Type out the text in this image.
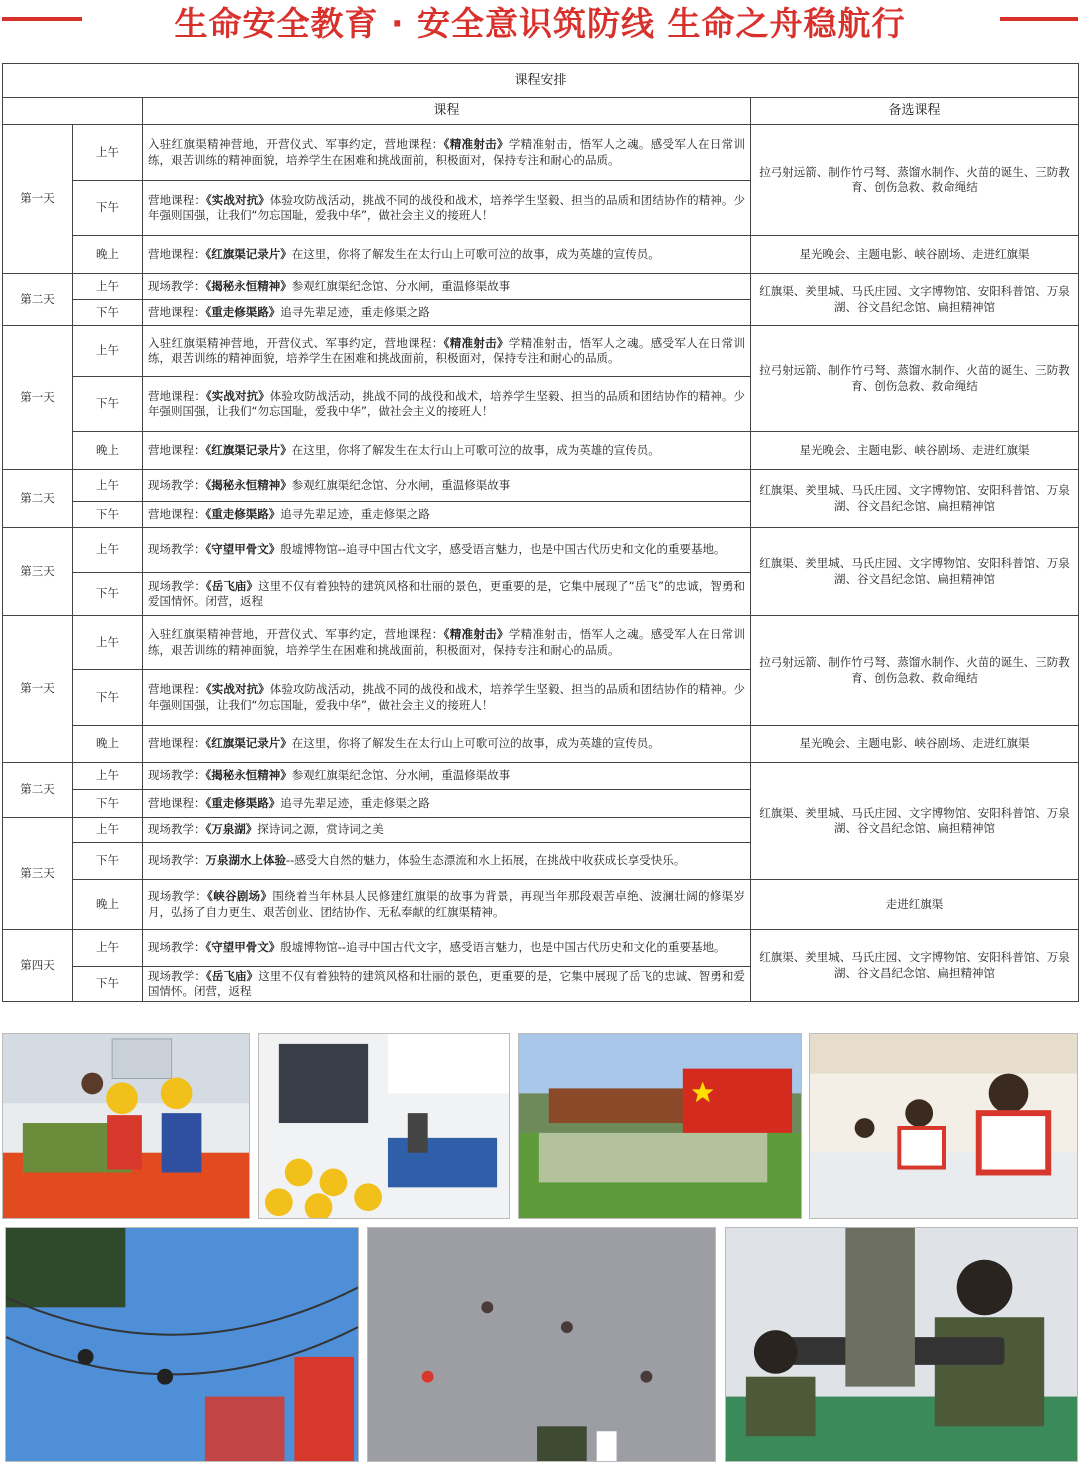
生命安全教育 · 安全意识筑防线 生命之舟稳航行
课程安排			
		课程	备选课程
第一天	上午	入驻红旗渠精神营地，开营仪式、军事约定，营地课程：《精准射击》学精准射击，悟军人之魂。感受军人在日常训练，艰苦训练的精神面貌，培养学生在困难和挑战面前，积极面对，保持专注和耐心的品质。	拉弓射远箭、制作竹弓弩、蒸馏水制作、火苗的诞生、三防教育、创伤急救、救命绳结
	下午	营地课程：《实战对抗》体验攻防战活动，挑战不同的战役和战术，培养学生坚毅、担当的品质和团结协作的精神。少年强则国强，让我们“勿忘国耻，爱我中华”，做社会主义的接班人！	
	晚上	营地课程：《红旗渠记录片》在这里，你将了解发生在太行山上可歌可泣的故事，成为英雄的宣传员。	星光晚会、主题电影、峡谷剧场、走进红旗渠
第二天	上午	现场教学：《揭秘永恒精神》参观红旗渠纪念馆、分水闸，重温修渠故事	红旗渠、羑里城、马氏庄园、文字博物馆、安阳科普馆、万泉湖、谷文昌纪念馆、扁担精神馆
	下午	营地课程：《重走修渠路》追寻先辈足迹，重走修渠之路	
第一天	上午	入驻红旗渠精神营地，开营仪式、军事约定，营地课程：《精准射击》学精准射击，悟军人之魂。感受军人在日常训练，艰苦训练的精神面貌，培养学生在困难和挑战面前，积极面对，保持专注和耐心的品质。	拉弓射远箭、制作竹弓弩、蒸馏水制作、火苗的诞生、三防教育、创伤急救、救命绳结
	下午	营地课程：《实战对抗》体验攻防战活动，挑战不同的战役和战术，培养学生坚毅、担当的品质和团结协作的精神。少年强则国强，让我们“勿忘国耻，爱我中华”，做社会主义的接班人！	
	晚上	营地课程：《红旗渠记录片》在这里，你将了解发生在太行山上可歌可泣的故事，成为英雄的宣传员。	星光晚会、主题电影、峡谷剧场、走进红旗渠
第二天	上午	现场教学：《揭秘永恒精神》参观红旗渠纪念馆、分水闸，重温修渠故事	红旗渠、羑里城、马氏庄园、文字博物馆、安阳科普馆、万泉湖、谷文昌纪念馆、扁担精神馆
	下午	营地课程：《重走修渠路》追寻先辈足迹，重走修渠之路	
第三天	上午	现场教学：《守望甲骨文》殷墟博物馆--追寻中国古代文字，感受语言魅力，也是中国古代历史和文化的重要基地。	红旗渠、羑里城、马氏庄园、文字博物馆、安阳科普馆、万泉湖、谷文昌纪念馆、扁担精神馆
	下午	现场教学：《岳飞庙》这里不仅有着独特的建筑风格和壮丽的景色，更重要的是，它集中展现了“岳飞”的忠诚，智勇和爱国情怀。闭营，返程	
第一天	上午	入驻红旗渠精神营地，开营仪式、军事约定，营地课程：《精准射击》学精准射击，悟军人之魂。感受军人在日常训练，艰苦训练的精神面貌，培养学生在困难和挑战面前，积极面对，保持专注和耐心的品质。	拉弓射远箭、制作竹弓弩、蒸馏水制作、火苗的诞生、三防教育、创伤急救、救命绳结
	下午	营地课程：《实战对抗》体验攻防战活动，挑战不同的战役和战术，培养学生坚毅、担当的品质和团结协作的精神。少年强则国强，让我们“勿忘国耻，爱我中华”，做社会主义的接班人！	
	晚上	营地课程：《红旗渠记录片》在这里，你将了解发生在太行山上可歌可泣的故事，成为英雄的宣传员。	星光晚会、主题电影、峡谷剧场、走进红旗渠
第二天	上午	现场教学：《揭秘永恒精神》参观红旗渠纪念馆、分水闸，重温修渠故事	红旗渠、羑里城、马氏庄园、文字博物馆、安阳科普馆、万泉湖、谷文昌纪念馆、扁担精神馆
	下午	营地课程：《重走修渠路》追寻先辈足迹，重走修渠之路	
第三天	上午	现场教学：《万泉湖》探诗词之源，赏诗词之美	
	下午	现场教学：万泉湖水上体验--感受大自然的魅力，体验生态漂流和水上拓展，在挑战中收获成长享受快乐。	
	晚上	现场教学：《峡谷剧场》围绕着当年林县人民修建红旗渠的故事为背景，再现当年那段艰苦卓绝、波澜壮阔的修渠岁月，弘扬了自力更生、艰苦创业、团结协作、无私奉献的红旗渠精神。	走进红旗渠
第四天	上午	现场教学：《守望甲骨文》殷墟博物馆--追寻中国古代文字，感受语言魅力，也是中国古代历史和文化的重要基地。	红旗渠、羑里城、马氏庄园、文字博物馆、安阳科普馆、万泉湖、谷文昌纪念馆、扁担精神馆
	下午	现场教学：《岳飞庙》这里不仅有着独特的建筑风格和壮丽的景色，更重要的是，它集中展现了岳飞的忠诚、智勇和爱国情怀。闭营，返程	
